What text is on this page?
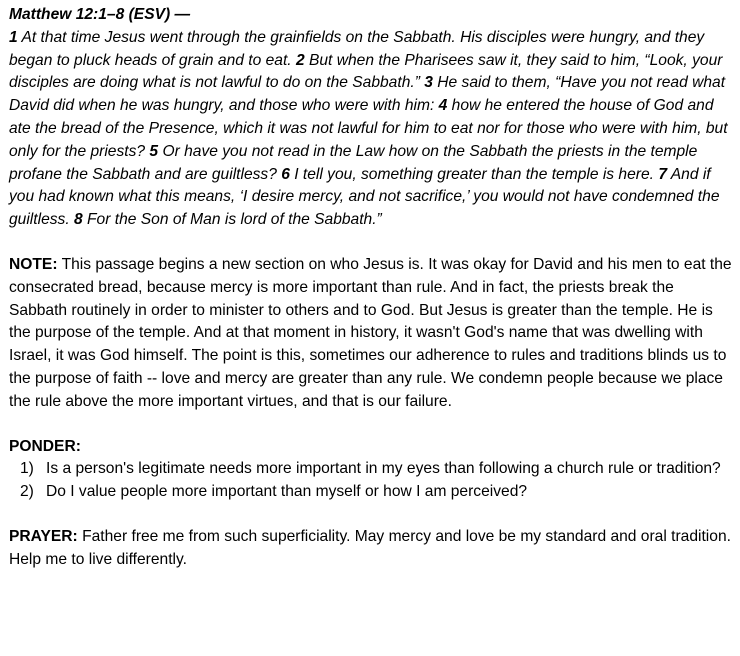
Matthew 12:1–8 (ESV) —

1 At that time Jesus went through the grainfields on the Sabbath. His disciples were hungry, and they began to pluck heads of grain and to eat. 2 But when the Pharisees saw it, they said to him, “Look, your disciples are doing what is not lawful to do on the Sabbath.” 3 He said to them, “Have you not read what David did when he was hungry, and those who were with him: 4 how he entered the house of God and ate the bread of the Presence, which it was not lawful for him to eat nor for those who were with him, but only for the priests? 5 Or have you not read in the Law how on the Sabbath the priests in the temple profane the Sabbath and are guiltless? 6 I tell you, something greater than the temple is here. 7 And if you had known what this means, ‘I desire mercy, and not sacrifice,’ you would not have condemned the guiltless. 8 For the Son of Man is lord of the Sabbath.”

NOTE: This passage begins a new section on who Jesus is. It was okay for David and his men to eat the consecrated bread, because mercy is more important than rule. And in fact, the priests break the Sabbath routinely in order to minister to others and to God. But Jesus is greater than the temple. He is the purpose of the temple. And at that moment in history, it wasn't God's name that was dwelling with Israel, it was God himself. The point is this, sometimes our adherence to rules and traditions blinds us to the purpose of faith -- love and mercy are greater than any rule. We condemn people because we place the rule above the more important virtues, and that is our failure.

PONDER:
1) Is a person's legitimate needs more important in my eyes than following a church rule or tradition?
2) Do I value people more important than myself or how I am perceived?

PRAYER: Father free me from such superficiality. May mercy and love be my standard and oral tradition. Help me to live differently.
